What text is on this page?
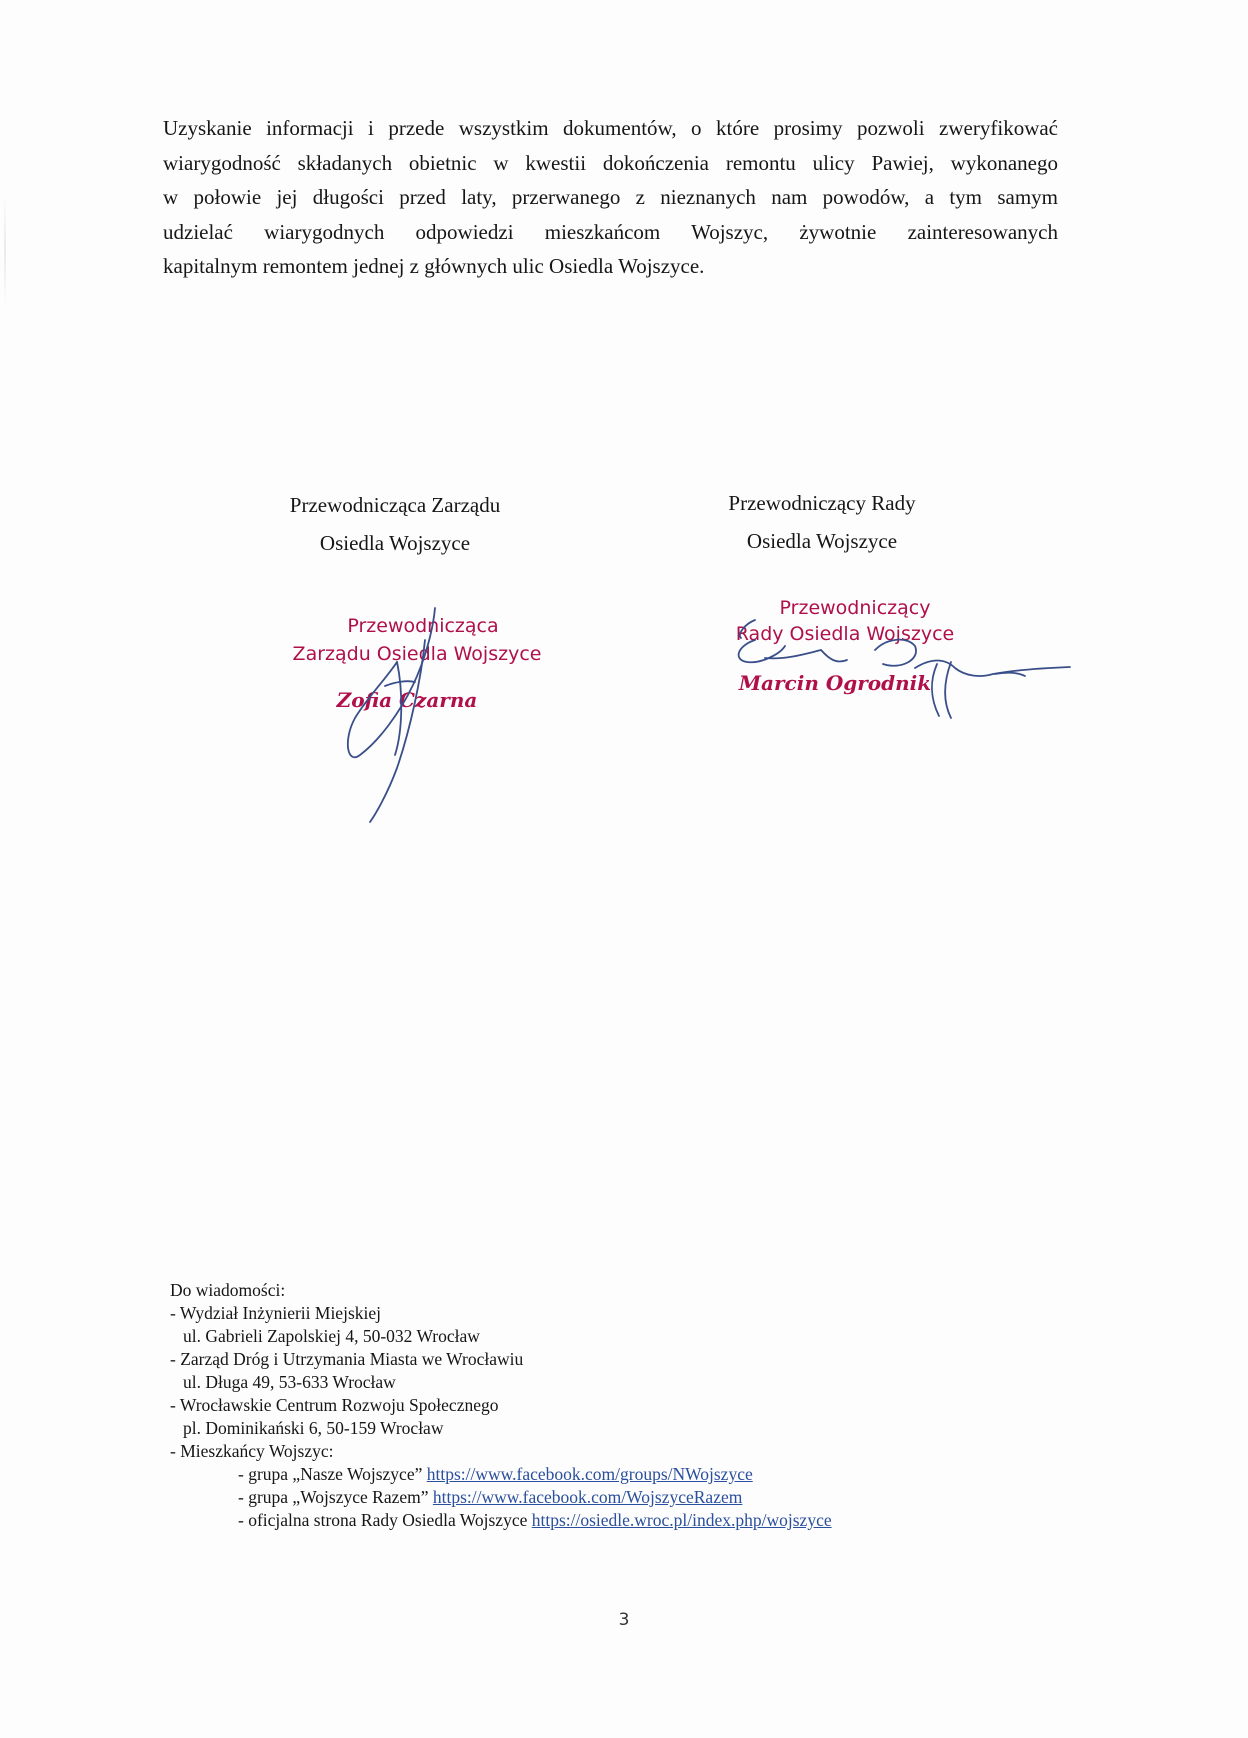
Uzyskanie informacji i przede wszystkim dokumentów, o które prosimy pozwoli zweryfikować
wiarygodność składanych obietnic w kwestii dokończenia remontu ulicy Pawiej, wykonanego
w połowie jej długości przed laty, przerwanego z nieznanych nam powodów, a tym samym
udzielać wiarygodnych odpowiedzi mieszkańcom Wojszyc, żywotnie zainteresowanych
kapitalnym remontem jednej z głównych ulic Osiedla Wojszyce.

Przewodnicząca Zarządu
Osiedla Wojszyce
Przewodniczący Rady
Osiedla Wojszyce
Przewodnicząca
Zarządu Osiedla Wojszyce
Zofia Czarna
Przewodniczący
Rady Osiedla Wojszyce
Marcin Ogrodnik
Do wiadomości:
- Wydział Inżynierii Miejskiej
ul. Gabrieli Zapolskiej 4, 50-032 Wrocław
- Zarząd Dróg i Utrzymania Miasta we Wrocławiu
ul. Długa 49, 53-633 Wrocław
- Wrocławskie Centrum Rozwoju Społecznego
pl. Dominikański 6, 50-159 Wrocław
- Mieszkańcy Wojszyc:
- grupa „Nasze Wojszyce” https://www.facebook.com/groups/NWojszyce
- grupa „Wojszyce Razem” https://www.facebook.com/WojszyceRazem
- oficjalna strona Rady Osiedla Wojszyce https://osiedle.wroc.pl/index.php/wojszyce
3
